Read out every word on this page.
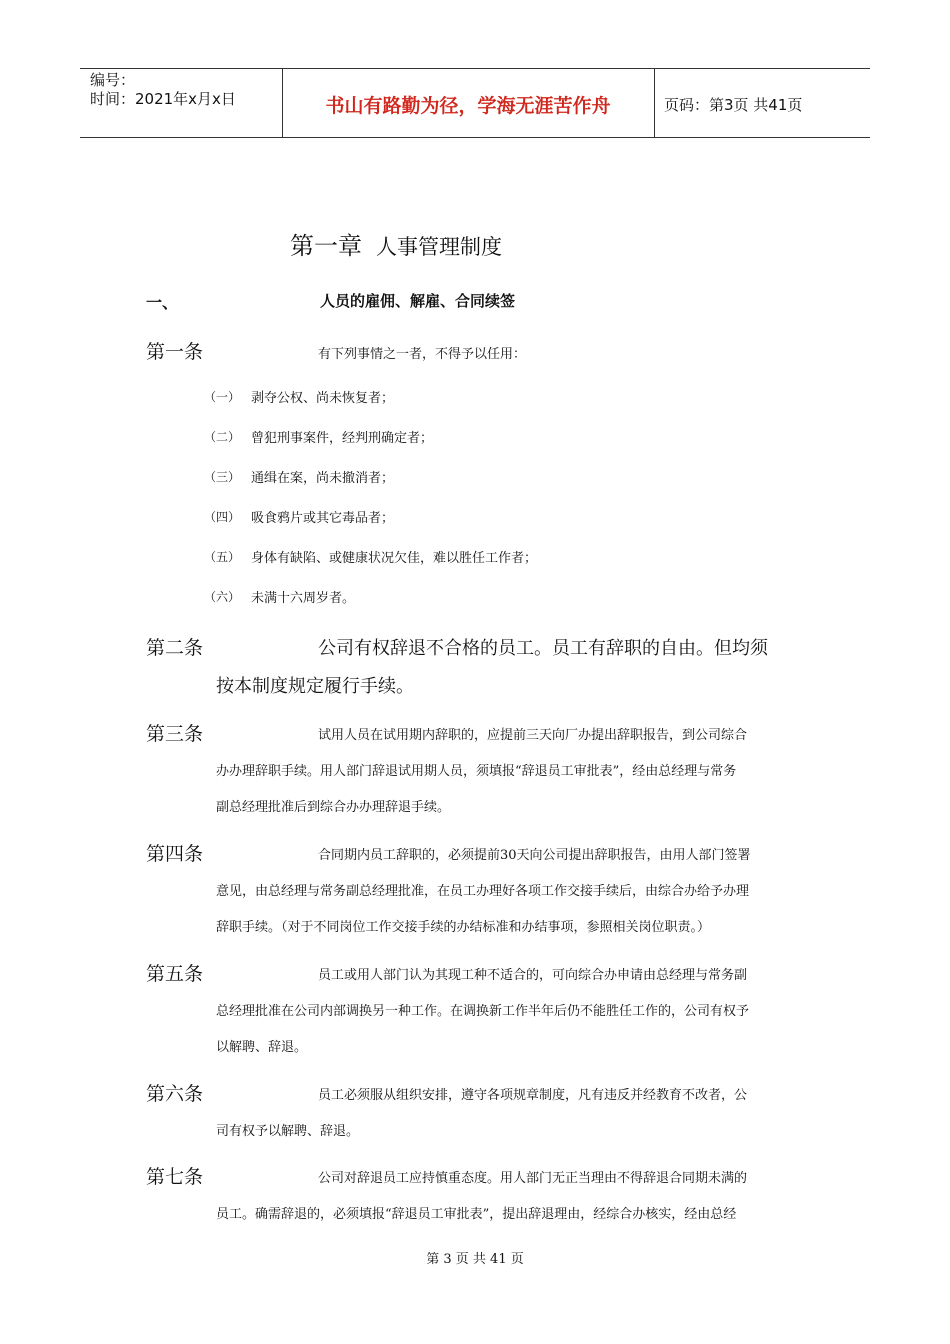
编号：
时间：2021年x月x日	书山有路勤为径，学海无涯苦作舟	页码：第3页 共41页
第一章 人事管理制度
一、	人员的雇佣、解雇、合同续签
第一条	有下列事情之一者，不得予以任用：
（一） 剥夺公权、尚未恢复者；
（二） 曾犯刑事案件，经判刑确定者；
（三） 通缉在案，尚未撤消者；
（四） 吸食鸦片或其它毒品者；
（五） 身体有缺陷、或健康状况欠佳，难以胜任工作者；
（六） 未满十六周岁者。
第二条	公司有权辞退不合格的员工。员工有辞职的自由。但均须
按本制度规定履行手续。
第三条	试用人员在试用期内辞职的，应提前三天向厂办提出辞职报告，到公司综合
办办理辞职手续。用人部门辞退试用期人员，须填报“辞退员工审批表”，经由总经理与常务
副总经理批准后到综合办办理辞退手续。
第四条	合同期内员工辞职的，必须提前30天向公司提出辞职报告，由用人部门签署
意见，由总经理与常务副总经理批准，在员工办理好各项工作交接手续后，由综合办给予办理
辞职手续。（对于不同岗位工作交接手续的办结标准和办结事项，参照相关岗位职责。）
第五条	员工或用人部门认为其现工种不适合的，可向综合办申请由总经理与常务副
总经理批准在公司内部调换另一种工作。在调换新工作半年后仍不能胜任工作的，公司有权予
以解聘、辞退。
第六条	员工必须服从组织安排，遵守各项规章制度，凡有违反并经教育不改者，公
司有权予以解聘、辞退。
第七条	公司对辞退员工应持慎重态度。用人部门无正当理由不得辞退合同期未满的
员工。确需辞退的，必须填报“辞退员工审批表”，提出辞退理由，经综合办核实，经由总经
第 3 页 共 41 页
